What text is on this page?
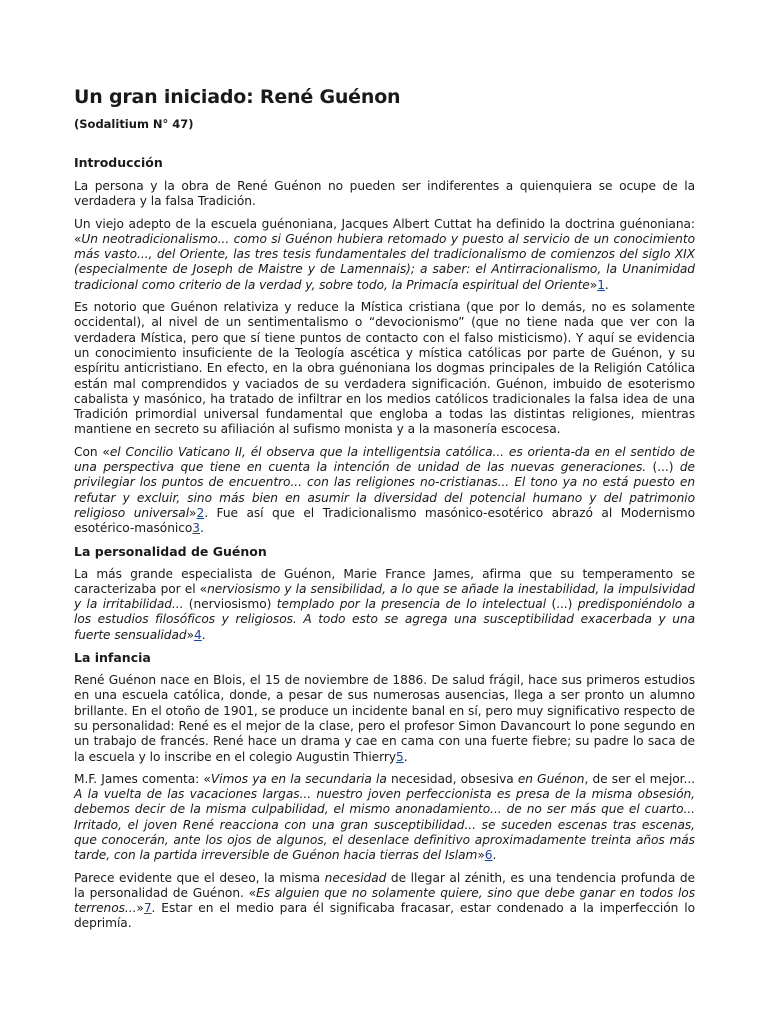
Un gran iniciado: René Guénon
(Sodalitium N° 47)
Introducción

La persona y la obra de René Guénon no pueden ser indiferentes a quienquiera se ocupe de la verdadera y la falsa Tradición.

Un viejo adepto de la escuela guénoniana, Jacques Albert Cuttat ha definido la doctrina guénoniana: «Un neotradicionalismo... como si Guénon hubiera retomado y puesto al servicio de un conocimiento más vasto..., del Oriente, las tres tesis fundamentales del tradicionalismo de comienzos del siglo XIX (especialmente de Joseph de Maistre y de Lamennais); a saber: el Antirracionalismo, la Unanimidad tradicional como criterio de la verdad y, sobre todo, la Primacía espiritual del Oriente»1.

Es notorio que Guénon relativiza y reduce la Mística cristiana (que por lo demás, no es solamente occidental), al nivel de un sentimentalismo o “devocionismo” (que no tiene nada que ver con la verdadera Mística, pero que sí tiene puntos de contacto con el falso misticismo). Y aquí se evidencia un conocimiento insuficiente de la Teología ascética y mística católicas por parte de Guénon, y su espíritu anticristiano. En efecto, en la obra guénoniana los dogmas principales de la Religión Católica están mal comprendidos y vaciados de su verdadera significación. Guénon, imbuido de esoterismo cabalista y masónico, ha tratado de infiltrar en los medios católicos tradicionales la falsa idea de una Tradición primordial universal fundamental que engloba a todas las distintas religiones, mientras mantiene en secreto su afiliación al sufismo monista y a la masonería escocesa.

Con «el Concilio Vaticano II, él observa que la intelligentsia católica... es orienta-da en el sentido de una perspectiva que tiene en cuenta la intención de unidad de las nuevas generaciones. (...) de privilegiar los puntos de encuentro... con las religiones no-cristianas... El tono ya no está puesto en refutar y excluir, sino más bien en asumir la diversidad del potencial humano y del patrimonio religioso universal»2. Fue así que el Tradicionalismo masónico-esotérico abrazó al Modernismo esotérico-masónico3.

La personalidad de Guénon

La más grande especialista de Guénon, Marie France James, afirma que su temperamento se caracterizaba por el «nerviosismo y la sensibilidad, a lo que se añade la inestabilidad, la impulsividad y la irritabilidad... (nerviosismo) templado por la presencia de lo intelectual (...) predisponiéndolo a los estudios filosóficos y religiosos. A todo esto se agrega una susceptibilidad exacerbada y una fuerte sensualidad»4.

La infancia

René Guénon nace en Blois, el 15 de noviembre de 1886. De salud frágil, hace sus primeros estudios en una escuela católica, donde, a pesar de sus numerosas ausencias, llega a ser pronto un alumno brillante. En el otoño de 1901, se produce un incidente banal en sí, pero muy significativo respecto de su personalidad: René es el mejor de la clase, pero el profesor Simon Davancourt lo pone segundo en un trabajo de francés. René hace un drama y cae en cama con una fuerte fiebre; su padre lo saca de la escuela y lo inscribe en el colegio Augustin Thierry5.

M.F. James comenta: «Vimos ya en la secundaria la necesidad, obsesiva en Guénon, de ser el mejor... A la vuelta de las vacaciones largas... nuestro joven perfeccionista es presa de la misma obsesión, debemos decir de la misma culpabilidad, el mismo anonadamiento... de no ser más que el cuarto... Irritado, el joven René reacciona con una gran susceptibilidad... se suceden escenas tras escenas, que conocerán, ante los ojos de algunos, el desenlace definitivo aproximadamente treinta años más tarde, con la partida irreversible de Guénon hacia tierras del Islam»6.

Parece evidente que el deseo, la misma necesidad de llegar al zénith, es una tendencia profunda de la personalidad de Guénon. «Es alguien que no solamente quiere, sino que debe ganar en todos los terrenos...»7. Estar en el medio para él significaba fracasar, estar condenado a la imperfección lo deprimía.
